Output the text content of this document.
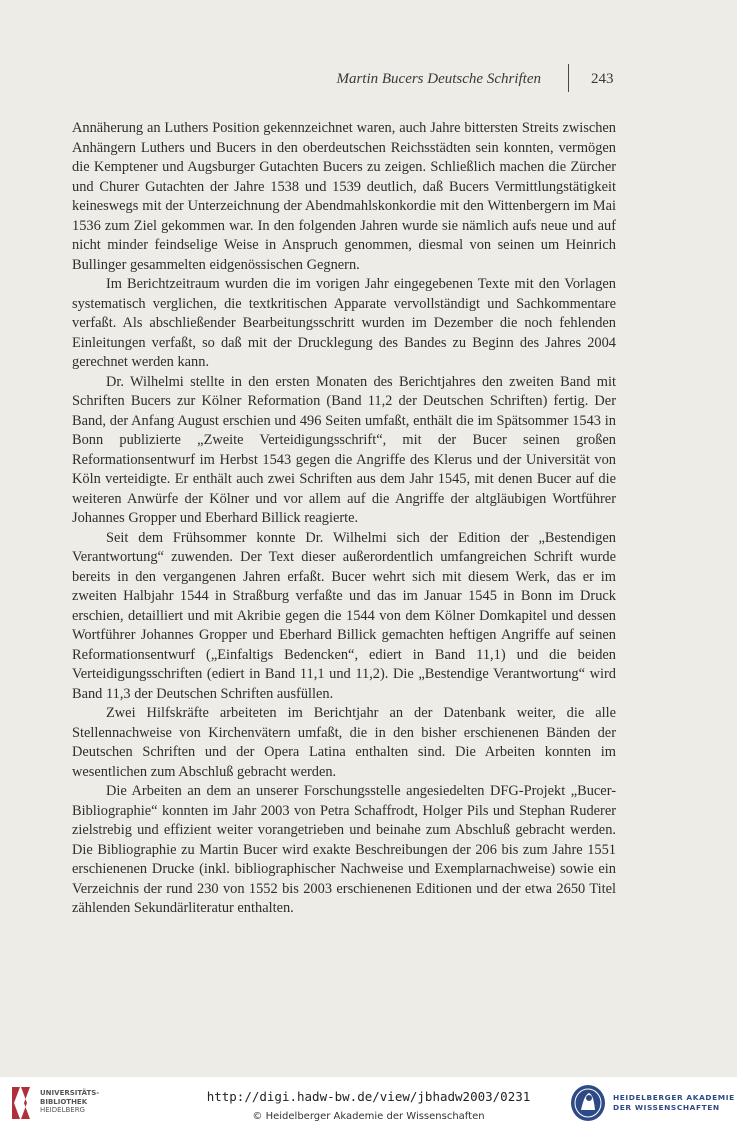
Martin Bucers Deutsche Schriften	243

Annäherung an Luthers Position gekennzeichnet waren, auch Jahre bittersten Streits zwischen Anhängern Luthers und Bucers in den oberdeutschen Reichsstädten sein konnten, vermögen die Kemptener und Augsburger Gutachten Bucers zu zeigen. Schließlich machen die Zürcher und Churer Gutachten der Jahre 1538 und 1539 deutlich, daß Bucers Vermittlungstätigkeit keineswegs mit der Unterzeichnung der Abendmahlskonkordie mit den Wittenbergern im Mai 1536 zum Ziel gekommen war. In den folgenden Jahren wurde sie nämlich aufs neue und auf nicht minder feindselige Weise in Anspruch genommen, diesmal von seinen um Heinrich Bullinger gesammelten eidgenössischen Gegnern.

Im Berichtzeitraum wurden die im vorigen Jahr eingegebenen Texte mit den Vorlagen systematisch verglichen, die textkritischen Apparate vervollständigt und Sachkommentare verfaßt. Als abschließender Bearbeitungsschritt wurden im Dezember die noch fehlenden Einleitungen verfaßt, so daß mit der Drucklegung des Bandes zu Beginn des Jahres 2004 gerechnet werden kann.

Dr. Wilhelmi stellte in den ersten Monaten des Berichtjahres den zweiten Band mit Schriften Bucers zur Kölner Reformation (Band 11,2 der Deutschen Schriften) fertig. Der Band, der Anfang August erschien und 496 Seiten umfaßt, enthält die im Spätsommer 1543 in Bonn publizierte „Zweite Verteidigungsschrift“, mit der Bucer seinen großen Reformationsentwurf im Herbst 1543 gegen die Angriffe des Klerus und der Universität von Köln verteidigte. Er enthält auch zwei Schriften aus dem Jahr 1545, mit denen Bucer auf die weiteren Anwürfe der Kölner und vor allem auf die Angriffe der altgläubigen Wortführer Johannes Gropper und Eberhard Billick reagierte.

Seit dem Frühsommer konnte Dr. Wilhelmi sich der Edition der „Bestendigen Verantwortung“ zuwenden. Der Text dieser außerordentlich umfangreichen Schrift wurde bereits in den vergangenen Jahren erfaßt. Bucer wehrt sich mit diesem Werk, das er im zweiten Halbjahr 1544 in Straßburg verfaßte und das im Januar 1545 in Bonn im Druck erschien, detailliert und mit Akribie gegen die 1544 von dem Kölner Domkapitel und dessen Wortführer Johannes Gropper und Eberhard Billick gemachten heftigen Angriffe auf seinen Reformationsentwurf („Einfaltigs Bedencken“, ediert in Band 11,1) und die beiden Verteidigungsschriften (ediert in Band 11,1 und 11,2). Die „Bestendige Verantwortung“ wird Band 11,3 der Deutschen Schriften ausfüllen.

Zwei Hilfskräfte arbeiteten im Berichtjahr an der Datenbank weiter, die alle Stellennachweise von Kirchenvätern umfaßt, die in den bisher erschienenen Bänden der Deutschen Schriften und der Opera Latina enthalten sind. Die Arbeiten konnten im wesentlichen zum Abschluß gebracht werden.

Die Arbeiten an dem an unserer Forschungsstelle angesiedelten DFG-Projekt „Bucer-Bibliographie“ konnten im Jahr 2003 von Petra Schaffrodt, Holger Pils und Stephan Ruderer zielstrebig und effizient weiter vorangetrieben und beinahe zum Abschluß gebracht werden. Die Bibliographie zu Martin Bucer wird exakte Beschreibungen der 206 bis zum Jahre 1551 erschienenen Drucke (inkl. bibliographischer Nachweise und Exemplarnachweise) sowie ein Verzeichnis der rund 230 von 1552 bis 2003 erschienenen Editionen und der etwa 2650 Titel zählenden Sekundärliteratur enthalten.

UNIVERSITÄTS-
BIBLIOTHEK
HEIDELBERG
http://digi.hadw-bw.de/view/jbhadw2003/0231
© Heidelberger Akademie der Wissenschaften
HEIDELBERGER AKADEMIE
DER WISSENSCHAFTEN
